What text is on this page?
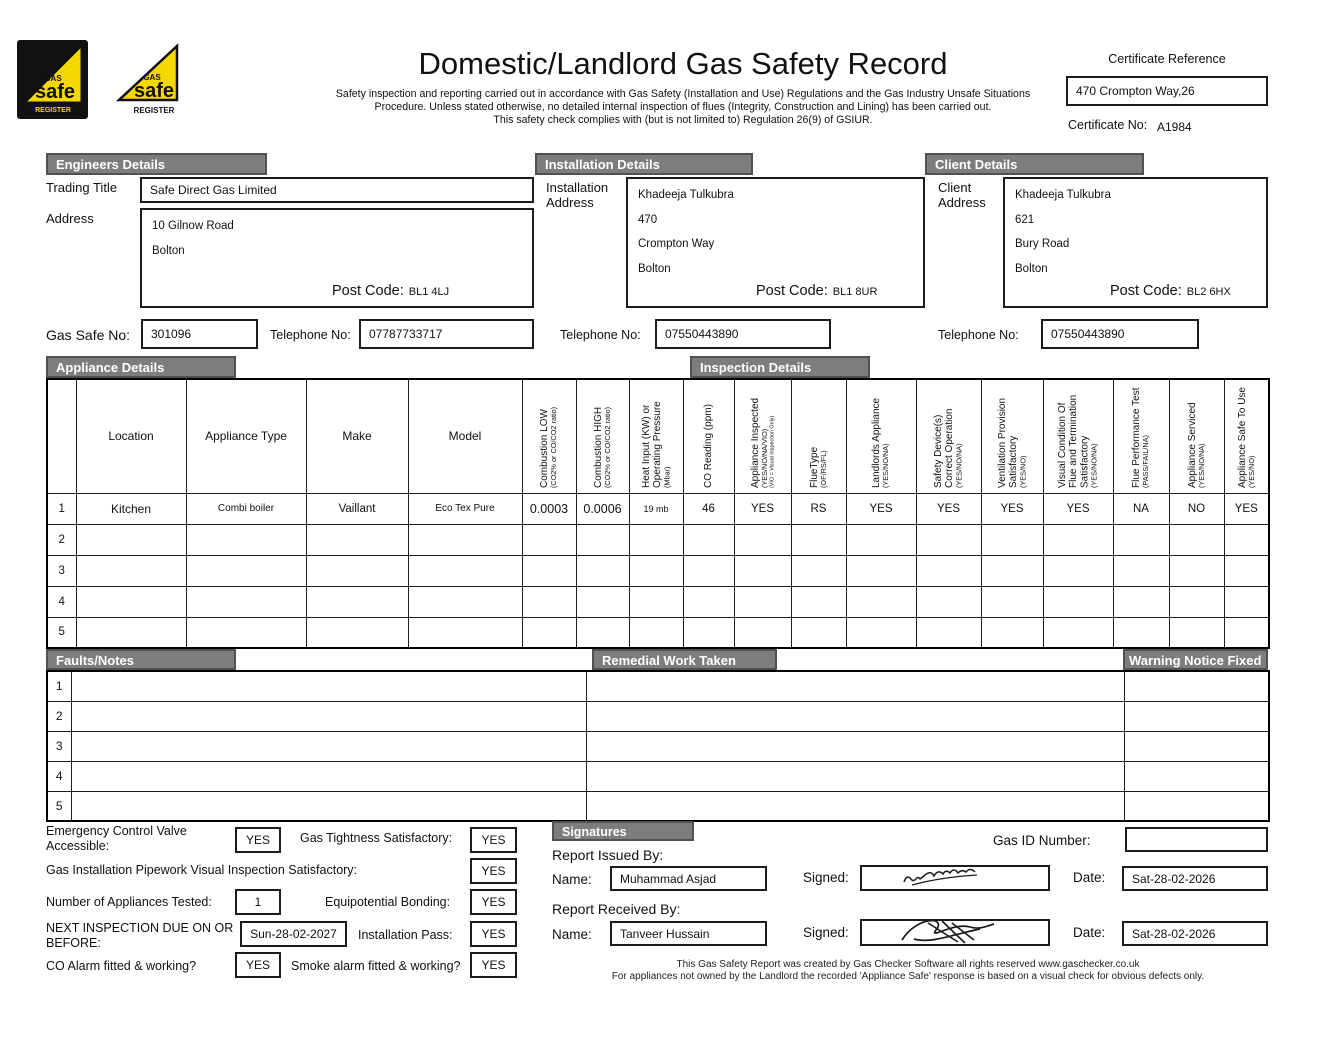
GAS
safe
REGISTER
GAS
safe
REGISTER
Domestic/Landlord Gas Safety Record
Safety inspection and reporting carried out in accordance with Gas Safety (Installation and Use) Regulations and the Gas Industry Unsafe Situations
Procedure. Unless stated otherwise, no detailed internal inspection of flues (Integrity, Construction and Lining) has been carried out.
This safety check complies with (but is not limited to) Regulation 26(9) of GSIUR.
Certificate Reference
470 Crompton Way,26
Certificate No: A1984
Engineers Details	Installation Details	Client Details
Trading Title	Safe Direct Gas Limited
Address	10 Gilnow Road
Bolton
Post Code: BL1 4LJ
Gas Safe No:	301096	Telephone No:	07787733717
Installation Address	Khadeeja Tulkubra
470
Crompton Way
Bolton
Post Code: BL1 8UR
Telephone No:	07550443890
Client Address	Khadeeja Tulkubra
621
Bury Road
Bolton
Post Code: BL2 6HX
Telephone No:	07550443890
Appliance Details	Inspection Details
	Location	Appliance Type	Make	Model	Combustion LOW (CO2% or CO/CO2 ratio)	Combustion HIGH (CO2% or CO/CO2 ratio)	Heat Input (KW) or Operating Pressure (Mbar)	CO Reading (ppm)	Appliance Inspected (YES/NO/NA/VIO) (VIO = Visual Inspection Only)	FlueType (OF/RS/FL)	Landlords Appliance (YES/NO/NA)	Safety Device(s) Correct Operation (YES/NO/NA)	Ventilation Provision Satisfactory (YES/NO)	Visual Condition Of Flue and Termination Satisfactory (YES/NO/NA)	Flue Performance Test (PASS/FAIL/NA)	Appliance Serviced (YES/NO/NA)	Appliance Safe To Use (YES/NO)

1	Kitchen	Combi boiler	Vaillant	Eco Tex Pure	0.0003	0.0006	19 mb	46	YES	RS	YES	YES	YES	YES	NA	NO	YES
2																	
3																	
4																	
5																	
Faults/Notes	Remedial Work Taken	Warning Notice Fixed
1			
2			
3			
4			
5			
Emergency Control Valve Accessible:	YES	Gas Tightness Satisfactory:	YES
Gas Installation Pipework Visual Inspection Satisfactory:	YES
Number of Appliances Tested:	1	Equipotential Bonding:	YES
NEXT INSPECTION DUE ON OR BEFORE:
Sun-28-02-2027	Installation Pass:	YES
CO Alarm fitted & working?	YES	Smoke alarm fitted & working?	YES
Signatures
Gas ID Number:
Report Issued By:
Name:	Muhammad Asjad	Signed:	Date:	Sat-28-02-2026
Report Received By:
Name:	Tanveer Hussain	Signed:	Date:	Sat-28-02-2026
This Gas Safety Report was created by Gas Checker Software all rights reserved www.gaschecker.co.uk
For appliances not owned by the Landlord the recorded 'Appliance Safe' response is based on a visual check for obvious defects only.
